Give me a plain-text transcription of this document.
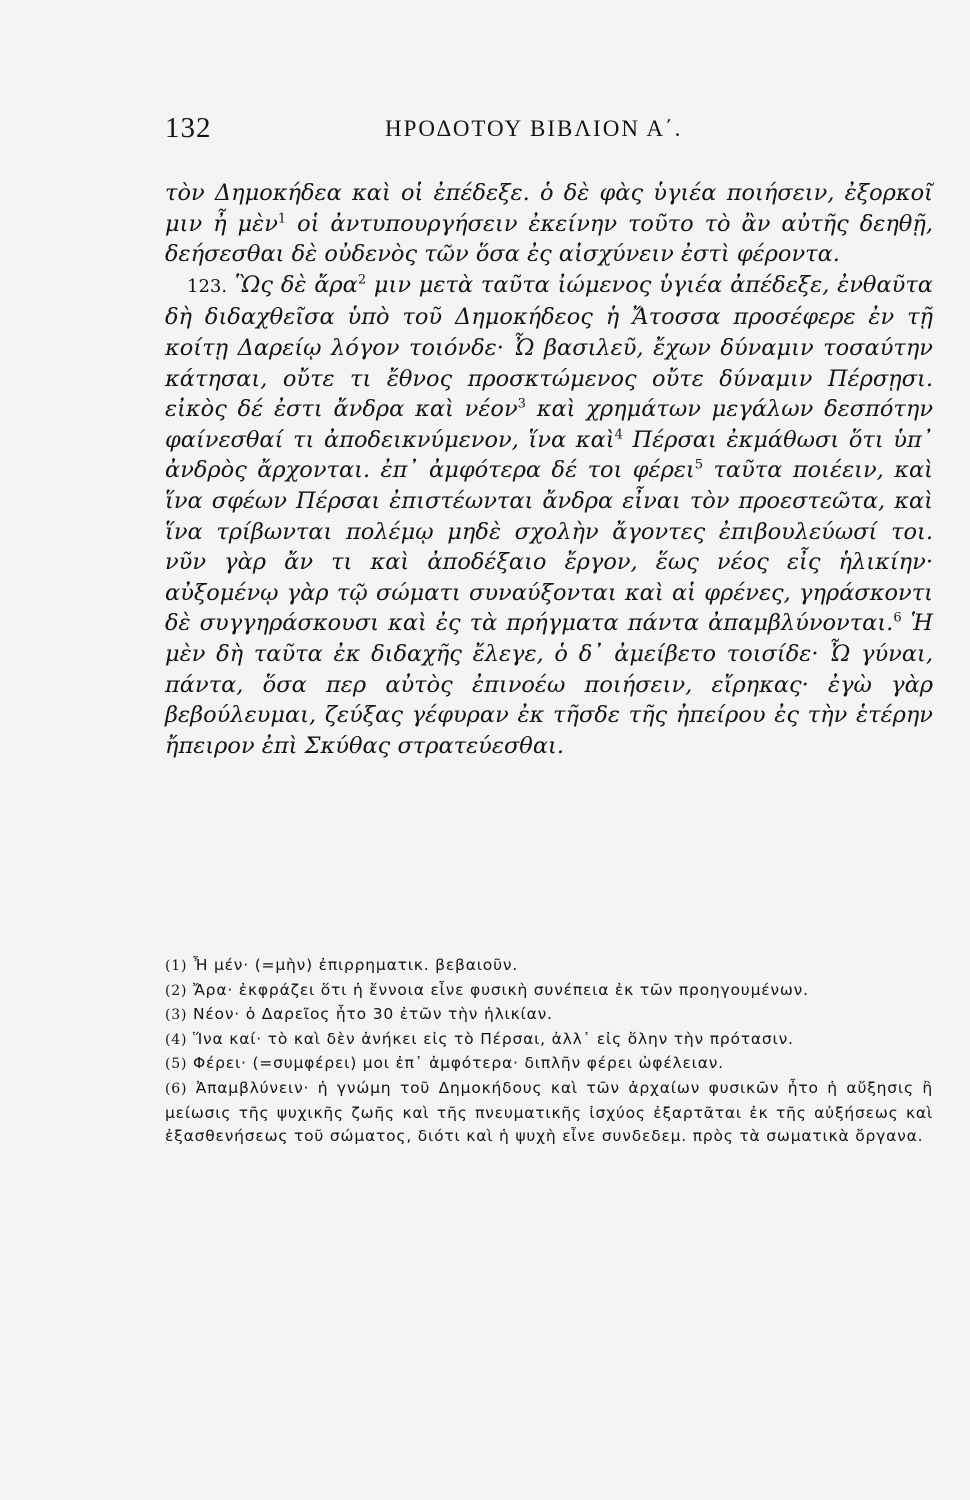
132	ΗΡΟΔΟΤΟΥ ΒΙΒΛΙΟΝ Α΄.

τὸν Δημοκήδεα καὶ οἱ ἐπέδεξε. ὁ δὲ φὰς ὑγιέα ποιήσειν, ἐξορκοῖ μιν ἦ μὲν$^1$ οἱ ἀντυπουργήσειν ἐκείνην τοῦτο τὸ ἂν αὐτῆς δεηθῇ, δεήσεσθαι δὲ οὐδενὸς τῶν ὅσα ἐς αἰσχύνειν ἐστὶ φέροντα.

123. Ὣς δὲ ἄρα$^2$ μιν μετὰ ταῦτα ἰώμενος ὑγιέα ἀπέδεξε, ἐνθαῦτα δὴ διδαχθεῖσα ὑπὸ τοῦ Δημοκήδεος ἡ Ἄτοσσα προσέφερε ἐν τῇ κοίτῃ Δαρείῳ λόγον τοιόνδε· Ὦ βασιλεῦ, ἔχων δύναμιν τοσαύτην κάτησαι, οὔτε τι ἔθνος προσκτώμενος οὔτε δύναμιν Πέρσῃσι. εἰκὸς δέ ἐστι ἄνδρα καὶ νέον$^3$ καὶ χρημάτων μεγάλων δεσπότην φαίνεσθαί τι ἀποδεικνύμενον, ἵνα καὶ$^4$ Πέρσαι ἐκμάθωσι ὅτι ὑπ᾽ ἀνδρὸς ἄρχονται. ἐπ᾽ ἀμφότερα δέ τοι φέρει$^5$ ταῦτα ποιέειν, καὶ ἵνα σφέων Πέρσαι ἐπιστέωνται ἄνδρα εἶναι τὸν προεστεῶτα, καὶ ἵνα τρίβωνται πολέμῳ μηδὲ σχολὴν ἄγοντες ἐπιβουλεύωσί τοι. νῦν γὰρ ἄν τι καὶ ἀποδέξαιο ἔργον, ἕως νέος εἶς ἡλικίην· αὐξομένῳ γὰρ τῷ σώματι συναύξονται καὶ αἱ φρένες, γηράσκοντι δὲ συγγηράσκουσι καὶ ἐς τὰ πρήγματα πάντα ἀπαμβλύνονται.$^6$ Ἡ μὲν δὴ ταῦτα ἐκ διδαχῆς ἔλεγε, ὁ δ᾽ ἀμείβετο τοισίδε· Ὦ γύναι, πάντα, ὅσα περ αὐτὸς ἐπινοέω ποιήσειν, εἴρηκας· ἐγὼ γὰρ βεβούλευμαι, ζεύξας γέφυραν ἐκ τῆσδε τῆς ἠπείρου ἐς τὴν ἑτέρην ἤπειρον ἐπὶ Σκύθας στρατεύεσθαι.

(1) Ἦ μέν· (=μὴν) ἐπιρρηματικ. βεβαιοῦν.

(2) Ἄρα· ἐκφράζει ὅτι ἡ ἔννοια εἶνε φυσικὴ συνέπεια ἐκ τῶν προηγουμένων.

(3) Νέον· ὁ Δαρεῖος ἦτο 30 ἐτῶν τὴν ἡλικίαν.

(4) Ἵνα καί· τὸ καὶ δὲν ἀνήκει εἰς τὸ Πέρσαι, ἀλλ᾽ εἰς ὅλην τὴν πρότασιν.

(5) Φέρει· (=συμφέρει) μοι ἐπ᾽ ἀμφότερα· διπλῆν φέρει ὠφέλειαν.

(6) Ἀπαμβλύνειν· ἡ γνώμη τοῦ Δημοκήδους καὶ τῶν ἀρχαίων φυσικῶν ἦτο ἡ αὔξησις ἢ μείωσις τῆς ψυχικῆς ζωῆς καὶ τῆς πνευματικῆς ἰσχύος ἐξαρτᾶται ἐκ τῆς αὐξήσεως καὶ ἐξασθενήσεως τοῦ σώματος, διότι καὶ ἡ ψυχὴ εἶνε συνδεδεμ. πρὸς τὰ σωματικὰ ὄργανα.
